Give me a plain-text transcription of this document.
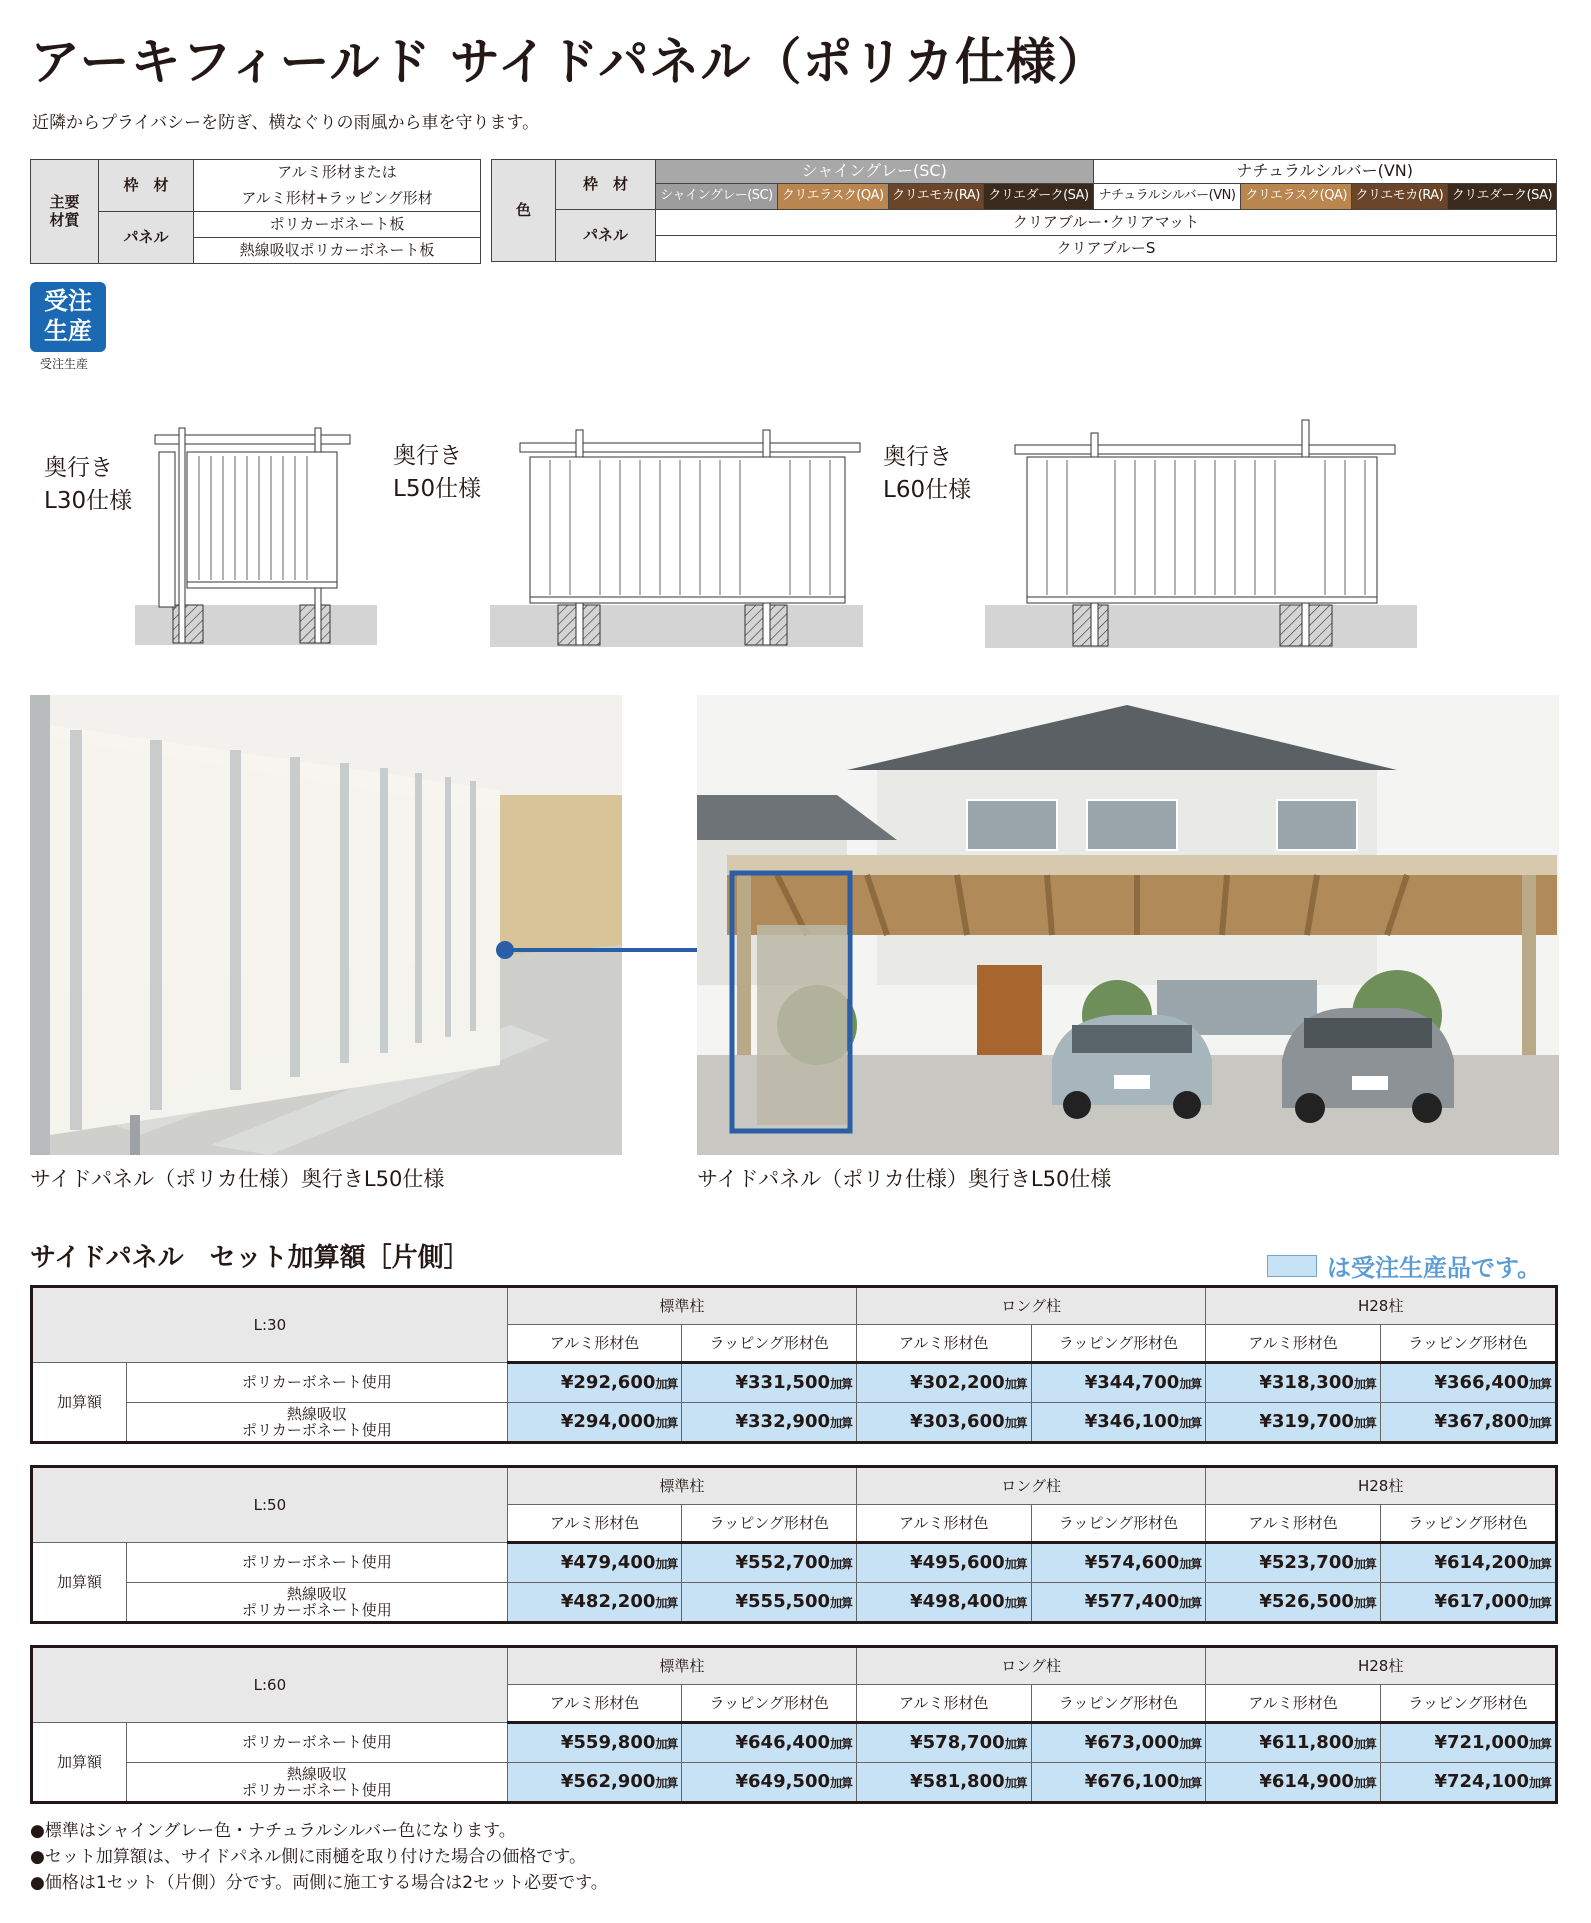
アーキフィールド サイドパネル（ポリカ仕様）
近隣からプライバシーを防ぎ、横なぐりの雨風から車を守ります。
主要
材質	枠　材	アルミ形材または
		アルミ形材+ラッピング形材
	パネル	ポリカーボネート板
		熱線吸収ポリカーボネート板
色	枠　材	シャイングレー(SC)				ナチュラルシルバー(VN)			
		シャイングレー(SC)	クリエラスク(QA)	クリエモカ(RA)	クリエダーク(SA)	ナチュラルシルバー(VN)	クリエラスク(QA)	クリエモカ(RA)	クリエダーク(SA)
	パネル	クリアブルー･クリアマット							
		クリアブルーS							
受注
生産
受注生産
奥行き
L30仕様
奥行き
L50仕様
奥行き
L60仕様
サイドパネル（ポリカ仕様）奥行きL50仕様	サイドパネル（ポリカ仕様）奥行きL50仕様
サイドパネル　セット加算額［片側］	は受注生産品です。
L:30		標準柱		ロング柱		H28柱	
		アルミ形材色	ラッピング形材色	アルミ形材色	ラッピング形材色	アルミ形材色	ラッピング形材色
加算額	ポリカーボネート使用	¥292,600加算	¥331,500加算	¥302,200加算	¥344,700加算	¥318,300加算	¥366,400加算
	熱線吸収
ポリカーボネート使用	¥294,000加算	¥332,900加算	¥303,600加算	¥346,100加算	¥319,700加算	¥367,800加算
L:50		標準柱		ロング柱		H28柱	
		アルミ形材色	ラッピング形材色	アルミ形材色	ラッピング形材色	アルミ形材色	ラッピング形材色
加算額	ポリカーボネート使用	¥479,400加算	¥552,700加算	¥495,600加算	¥574,600加算	¥523,700加算	¥614,200加算
	熱線吸収
ポリカーボネート使用	¥482,200加算	¥555,500加算	¥498,400加算	¥577,400加算	¥526,500加算	¥617,000加算
L:60		標準柱		ロング柱		H28柱	
		アルミ形材色	ラッピング形材色	アルミ形材色	ラッピング形材色	アルミ形材色	ラッピング形材色
加算額	ポリカーボネート使用	¥559,800加算	¥646,400加算	¥578,700加算	¥673,000加算	¥611,800加算	¥721,000加算
	熱線吸収
ポリカーボネート使用	¥562,900加算	¥649,500加算	¥581,800加算	¥676,100加算	¥614,900加算	¥724,100加算
●標準はシャイングレー色・ナチュラルシルバー色になります。
●セット加算額は、サイドパネル側に雨樋を取り付けた場合の価格です。
●価格は1セット（片側）分です。両側に施工する場合は2セット必要です。
